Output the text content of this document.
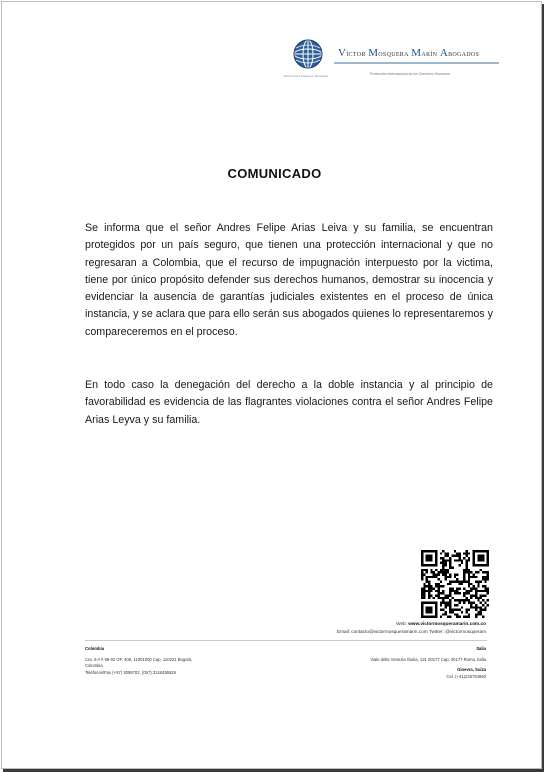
Derechos Humanos Globales
Víctor Mosquera Marín Abogados
Protección Internacional de los Derechos Humanos
COMUNICADO
Se informa que el señor Andres Felipe Arias Leiva y su familia, se encuentran protegidos por un país seguro, que tienen una protección internacional y que no regresaran a Colombia, que el recurso de impugnación interpuesto por la victima, tiene por único propósito defender sus derechos humanos, demostrar su inocencia y evidenciar la ausencia de garantías judiciales existentes en el proceso de única instancia, y se aclara que para ello serán sus abogados quienes lo representaremos y compareceremos en el proceso.
En todo caso la denegación del derecho a la doble instancia y al principio de favorabilidad es evidencia de las flagrantes violaciones contra el señor Andres Felipe Arias Leyva y su familia.
Web: www.victormosqueramarin.com.co
Email: contacto@victormosqueramarin.com Twitter: @victormosqueram
Colombia
Cra. 9 A # 99-02 OF. 408, 11001000 Cap. 110221 Bogotá,
Colombia
Teléfonos/Fax (+57) 3099702, (057) 3118436529
Italia
Viale della Venezia Giulia, 131 00177 Cap. 00177 Roma, Italia
Ginevra, Suiza
Cel. (+41)225754860
